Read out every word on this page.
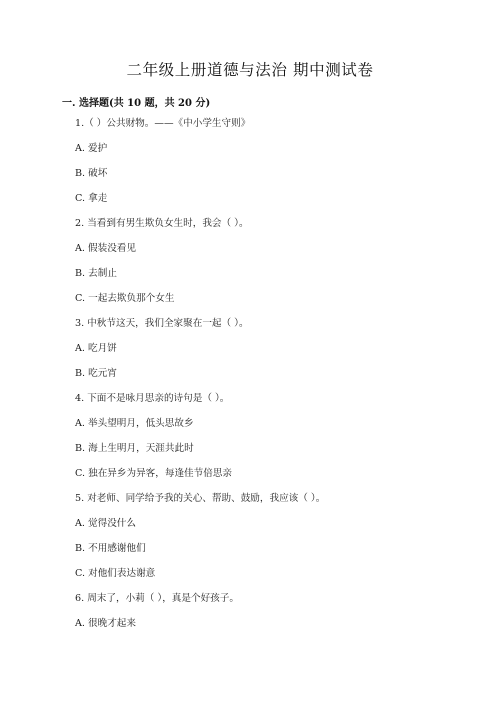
二年级上册道德与法治 期中测试卷
一. 选择题(共 10 题，共 20 分)
1.（ ）公共财物。——《中小学生守则》
A. 爱护
B. 破坏
C. 拿走
2. 当看到有男生欺负女生时，我会（ ）。
A. 假装没看见
B. 去制止
C. 一起去欺负那个女生
3. 中秋节这天，我们全家聚在一起（ ）。
A. 吃月饼
B. 吃元宵
4. 下面不是咏月思亲的诗句是（ ）。
A. 举头望明月，低头思故乡
B. 海上生明月，天涯共此时
C. 独在异乡为异客，每逢佳节倍思亲
5. 对老师、同学给予我的关心、帮助、鼓励，我应该（ ）。
A. 觉得没什么
B. 不用感谢他们
C. 对他们表达谢意
6. 周末了，小莉（ ），真是个好孩子。
A. 很晚才起来
